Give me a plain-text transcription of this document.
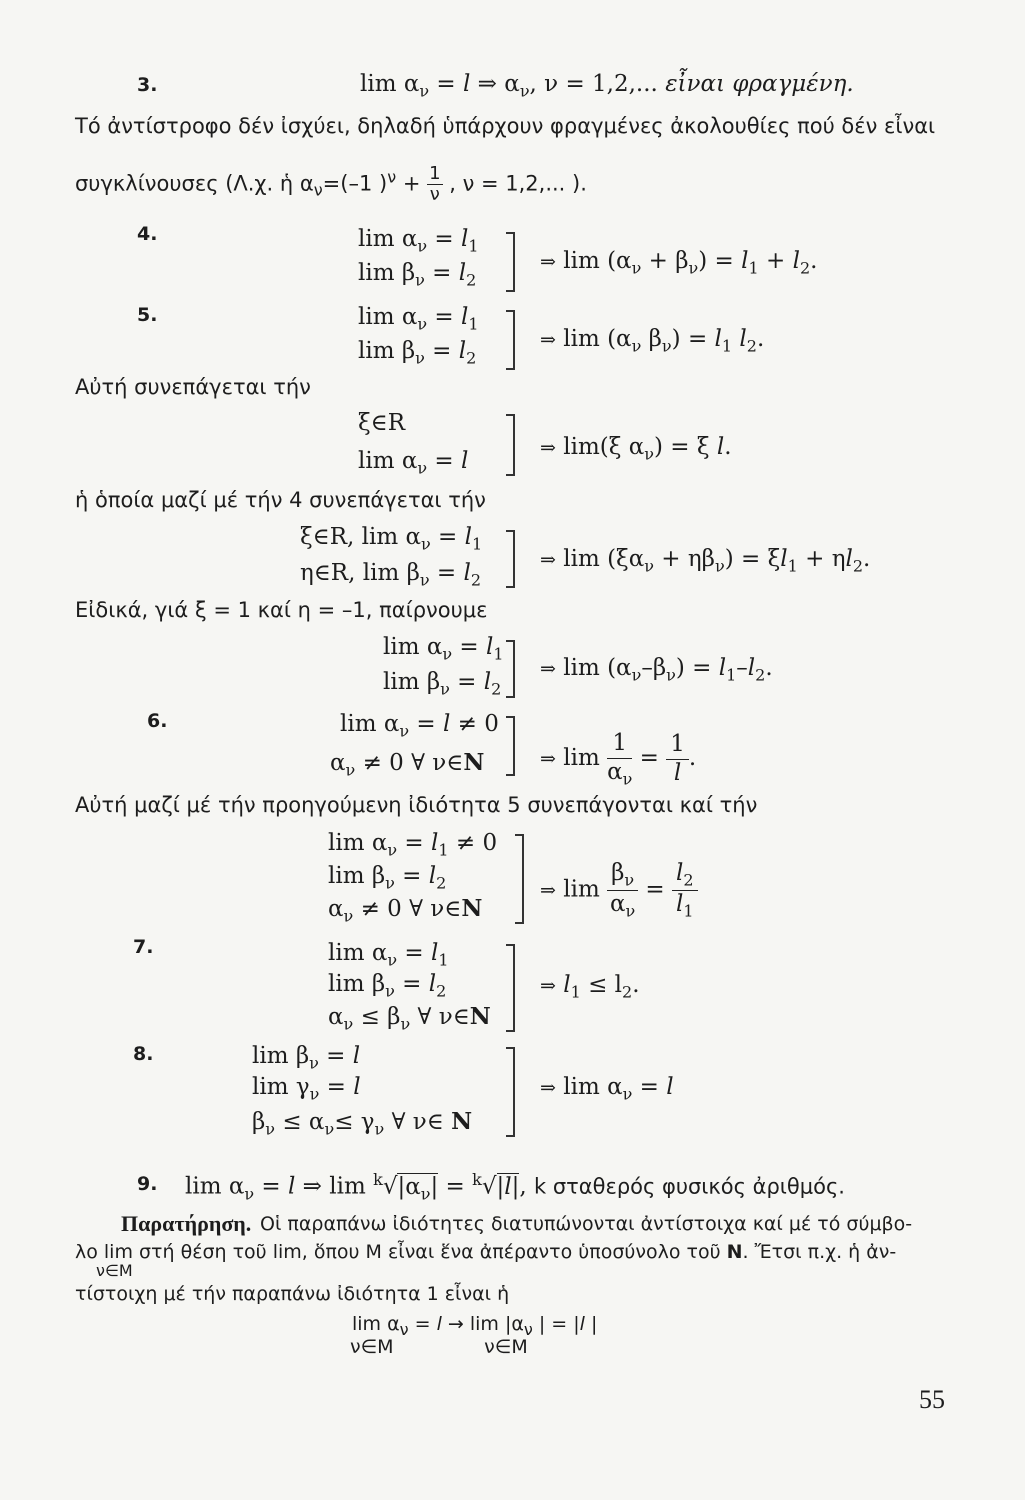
3.	$\lim \alpha_\nu = l$ ⇒ $\alpha_\nu$, ν = 1,2,... εἶναι φραγμένη.
Τό ἀντίστροφο δέν ἰσχύει, δηλαδή ὑπάρχουν φραγμένες ἀκολουθίες πού δέν εἶναι
συγκλίνουσες (Λ.χ. ἡ $\alpha_\nu=(-1$ )$^\nu + \frac{1}{\nu}$ , ν = 1,2,... ).
4.	$\lim \alpha_\nu = l_1$
$\lim \beta_\nu = l_2$
⇒ $\lim (\alpha_\nu + \beta_\nu) = l_1 + l_2$.
5.	$\lim \alpha_\nu = l_1$
$\lim \beta_\nu = l_2$
⇒ $\lim (\alpha_\nu$ $\beta_\nu) = l_1$ $l_2$.
Αὐτή συνεπάγεται τήν
ξ∈R
$\lim \alpha_\nu = l$	⇒ lim(ξ $\alpha_\nu) = \xi$ l.
ἡ ὁποία μαζί μέ τήν 4 συνεπάγεται τήν
ξ∈R, $\lim \alpha_\nu = l_1$
η∈R, $\lim \beta_\nu = l_2$
⇒ $\lim (\xi\alpha_\nu + \eta\beta_\nu) = \xi l_1 + \eta l_2$.
Εἰδικά, γιά ξ = 1 καί η = –1, παίρνουμε
$\lim \alpha_\nu = l_1$
$\lim \beta_\nu = l_2$
⇒ $\lim (\alpha_\nu-\beta_\nu) = l_1-l_2$.
6.	$\lim \alpha_\nu = l \ne 0$
$\alpha_\nu \ne 0$ ∀ ν∈N	⇒ $\lim \frac{1}{\alpha_\nu} = \frac{1}{l}$ .
Αὐτή μαζί μέ τήν προηγούμενη ἰδιότητα 5 συνεπάγονται καί τήν
$\lim \alpha_\nu = l_1 \ne 0$
$\lim \beta_\nu = l_2$
$\alpha_\nu \ne 0$ ∀ ν∈N
⇒ $\lim \frac{\beta_\nu}{\alpha_\nu} = \frac{l_2}{l_1}$
7.	$\lim \alpha_\nu = l_1$
$\lim \beta_\nu = l_2$
$\alpha_\nu \le \beta_\nu$ ∀ ν∈N
⇒ $l_1 \le l_2$.
8.	$\lim \beta_\nu = l$
$\lim \gamma_\nu = l$
$\beta_\nu \le \alpha_\nu\le \gamma_\nu$ ∀ ν∈ N
⇒ $\lim \alpha_\nu = l$
9. $\lim \alpha_\nu = l$ ⇒ $\lim ^k√|\alpha_\nu| = ^k√|l|$, k σταθερός φυσικός ἀριθμός.
Παρατήρηση. Οἱ παραπάνω ἰδιότητες διατυπώνονται ἀντίστοιχα καί μέ τό σύμβο-
λο lim στή θέση τοῦ lim, ὅπου M εἶναι ἕνα ἀπέραντο ὑποσύνολο τοῦ N. Ἔτσι π.χ. ἡ ἀν-
ν∈M
τίστοιχη μέ τήν παραπάνω ἰδιότητα 1 εἶναι ἡ
$\lim \alpha_\nu = l \to \lim |\alpha_\nu$ | = |l |
ν∈M               ν∈M
55
